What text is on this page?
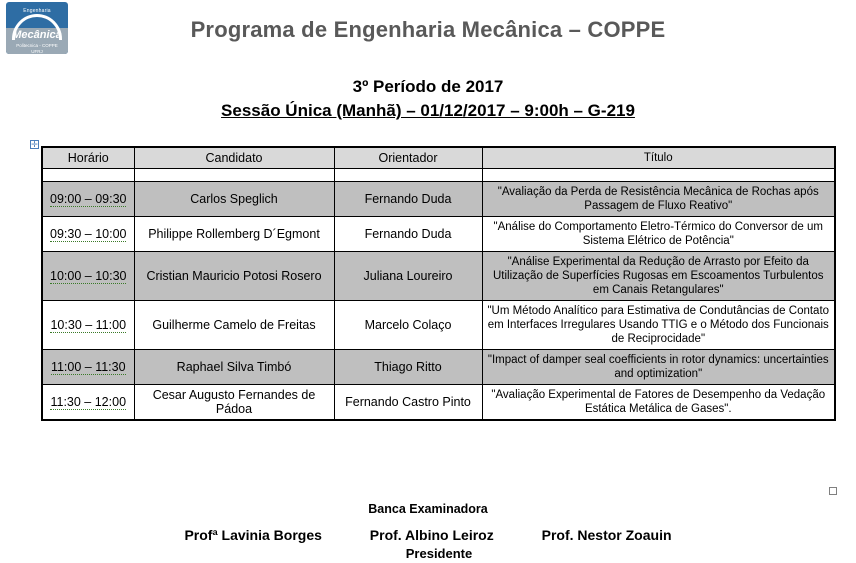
Engenharia
Mecânica
Politecnica - COPPE
UFRJ
Programa de Engenharia Mecânica – COPPE
3º Período de 2017
Sessão Única (Manhã) – 01/12/2017 – 9:00h – G-219
✛
Horário	Candidato	Orientador	Título

09:00 – 09:30	Carlos Speglich	Fernando Duda	"Avaliação da Perda de Resistência Mecânica de Rochas após Passagem de Fluxo Reativo"
09:30 – 10:00	Philippe Rollemberg D´Egmont	Fernando Duda	"Análise do Comportamento Eletro-Térmico do Conversor de um Sistema Elétrico de Potência"
10:00 – 10:30	Cristian Mauricio Potosi Rosero	Juliana Loureiro	"Análise Experimental da Redução de Arrasto por Efeito da Utilização de Superfícies Rugosas em Escoamentos Turbulentos em Canais Retangulares"
10:30 – 11:00	Guilherme Camelo de Freitas	Marcelo Colaço	"Um Método Analítico para Estimativa de Condutâncias de Contato em Interfaces Irregulares Usando TTIG e o Método dos Funcionais de Reciprocidade"
11:00 – 11:30	Raphael Silva Timbó	Thiago Ritto	"Impact of damper seal coefficients in rotor dynamics: uncertainties and optimization"
11:30 – 12:00	Cesar Augusto Fernandes de Pádoa	Fernando Castro Pinto	"Avaliação Experimental de Fatores de Desempenho da Vedação Estática Metálica de Gases".
Banca Examinadora
Profª Lavinia Borges	Prof. Albino Leiroz	Prof. Nestor Zoauin
Presidente
